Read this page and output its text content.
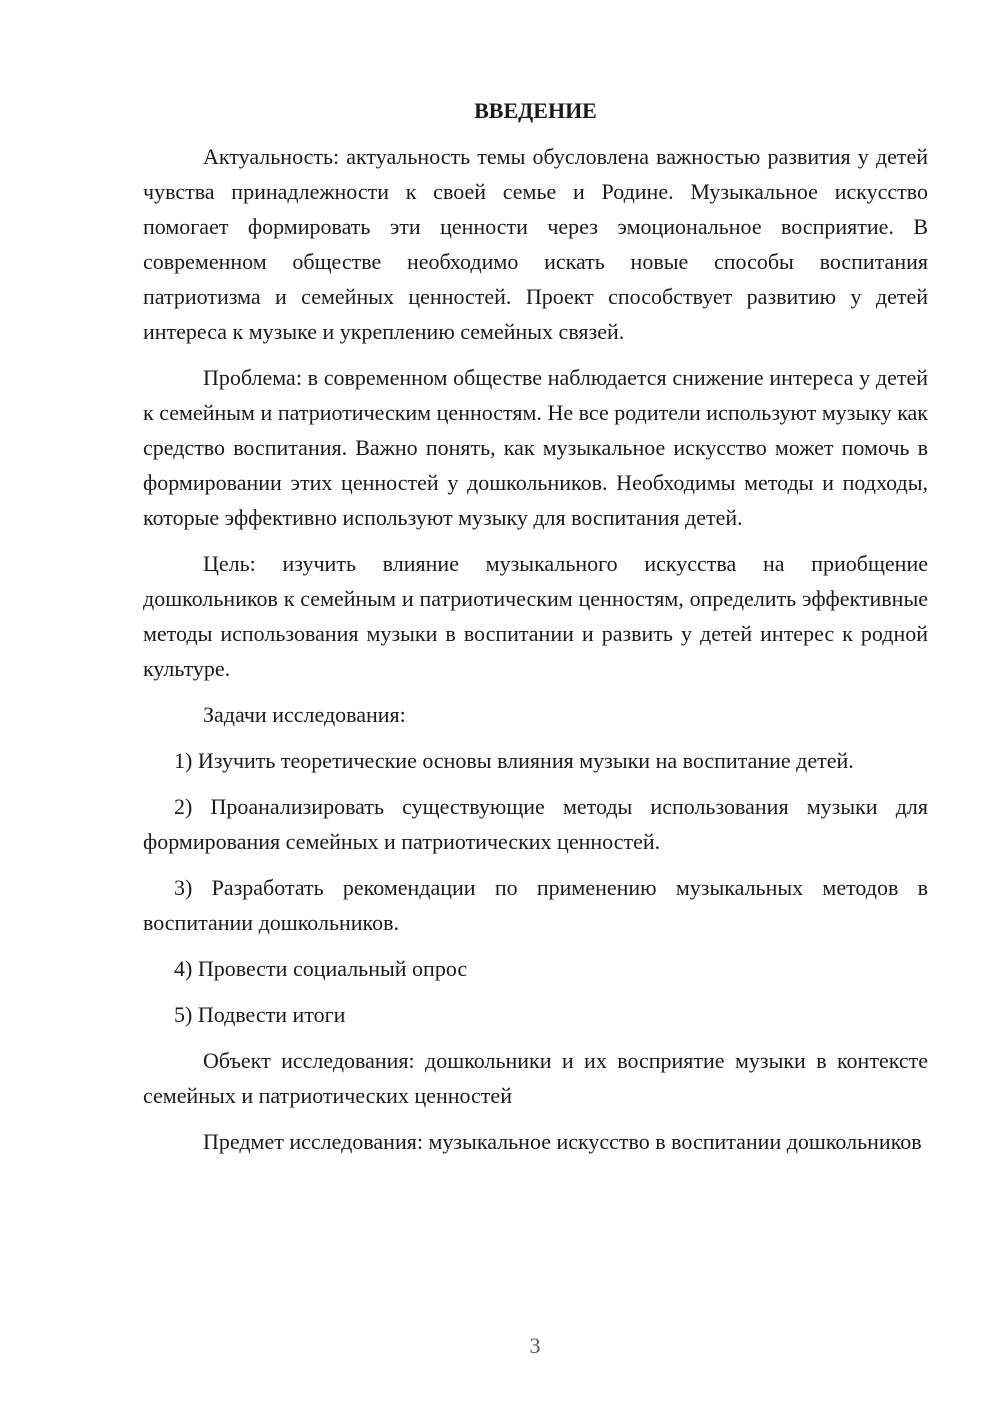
ВВЕДЕНИЕ

Актуальность: актуальность темы обусловлена важностью развития у детей чувства принадлежности к своей семье и Родине. Музыкальное искусство помогает формировать эти ценности через эмоциональное восприятие. В современном обществе необходимо искать новые способы воспитания патриотизма и семейных ценностей. Проект способствует развитию у детей интереса к музыке и укреплению семейных связей.

Проблема: в современном обществе наблюдается снижение интереса у детей к семейным и патриотическим ценностям. Не все родители используют музыку как средство воспитания. Важно понять, как музыкальное искусство может помочь в формировании этих ценностей у дошкольников. Необходимы методы и подходы, которые эффективно используют музыку для воспитания детей.

Цель: изучить влияние музыкального искусства на приобщение дошкольников к семейным и патриотическим ценностям, определить эффективные методы использования музыки в воспитании и развить у детей интерес к родной культуре.

Задачи исследования:

1) Изучить теоретические основы влияния музыки на воспитание детей.

2) Проанализировать существующие методы использования музыки для формирования семейных и патриотических ценностей.

3) Разработать рекомендации по применению музыкальных методов в воспитании дошкольников.

4) Провести социальный опрос

5) Подвести итоги

Объект исследования: дошкольники и их восприятие музыки в контексте семейных и патриотических ценностей

Предмет исследования: музыкальное искусство в воспитании дошкольников

3
